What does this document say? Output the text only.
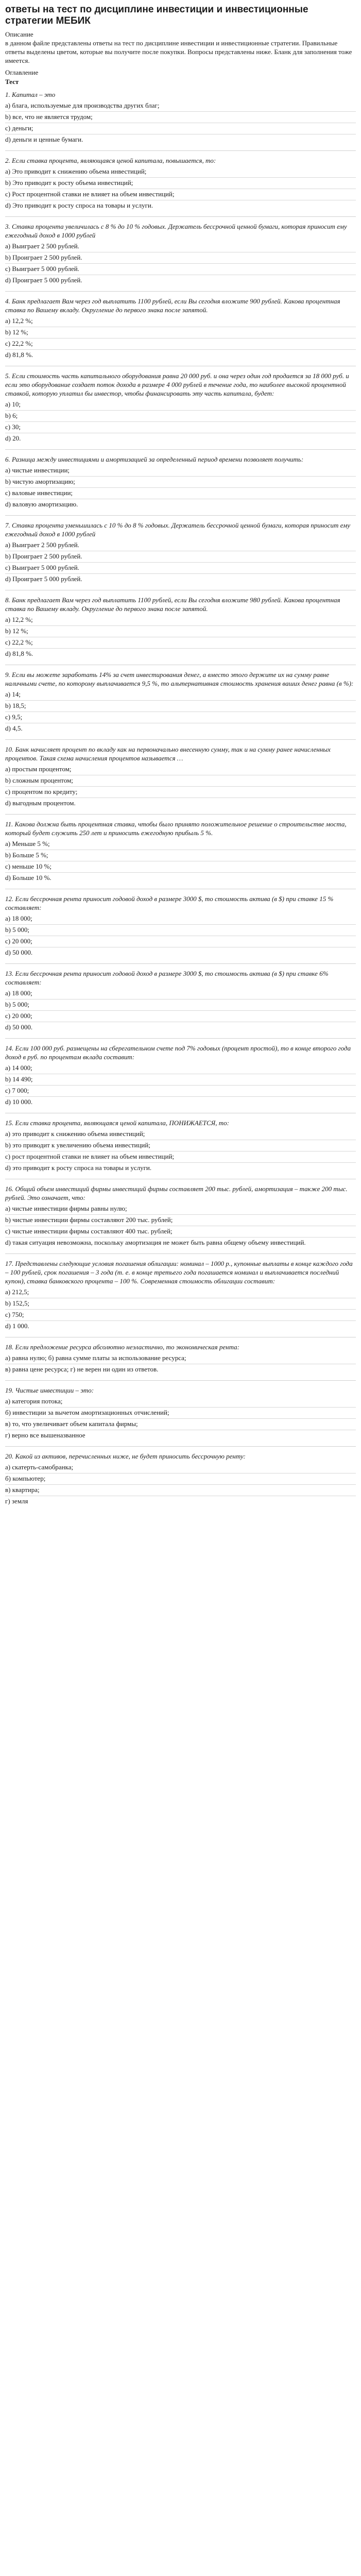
ответы на тест по дисциплине инвестиции и инвестиционные стратегии МЕБИК
Описание
в данном файле представлены ответы на тест по дисциплине инвестиции и инвестиционные стратегии. Правильные ответы выделены цветом, которые вы получите после покупки. Вопросы представлены ниже. Бланк для заполнения тоже имеется.
Оглавление
Тест
1. Капитал – это
а) блага, используемые для производства других благ;
b) все, что не является трудом;
c) деньги;
d) деньги и ценные бумаги.
2. Если ставка процента, являющаяся ценой капитала, повышается, то:
а) Это приводит к снижению объема инвестиций;
b) Это приводит к росту объема инвестиций;
c) Рост процентной ставки не влияет на объем инвестиций;
d) Это приводит к росту спроса на товары и услуги.
3. Ставка процента увеличилась с 8 % до 10 % годовых. Держатель бессрочной ценной бумаги, которая приносит ему ежегодный доход в 1000 рублей
а) Выиграет 2 500 рублей.
b) Проиграет 2 500 рублей.
c) Выиграет 5 000 рублей.
d) Проиграет 5 000 рублей.
4. Банк предлагает Вам через год выплатить 1100 рублей, если Вы сегодня вложите 900 рублей. Какова процентная ставка по Вашему вкладу. Округление до первого знака после запятой.
а) 12,2 %;
b) 12 %;
c) 22,2 %;
d) 81,8 %.
5. Если стоимость часть капитального оборудования равна 20 000 руб. и она через один год продается за 18 000 руб. и если это оборудование создает поток дохода в размере 4 000 рублей в течение года, то наиболее высокой процентной ставкой, которую уплатил бы инвестор, чтобы финансировать эту часть капитала, будет:
а) 10;
b) 6;
c) 30;
d) 20.
6. Разница между инвестициями и амортизацией за определенный период времени позволяет получить:
а) чистые инвестиции;
b) чистую амортизацию;
c) валовые инвестиции;
d) валовую амортизацию.
7. Ставка процента уменьшилась с 10 % до 8 % годовых. Держатель бессрочной ценной бумаги, которая приносит ему ежегодный доход в 1000 рублей
а) Выиграет 2 500 рублей.
b) Проиграет 2 500 рублей.
c) Выиграет 5 000 рублей.
d) Проиграет 5 000 рублей.
8. Банк предлагает Вам через год выплатить 1100 рублей, если Вы сегодня вложите 980 рублей. Какова процентная ставка по Вашему вкладу. Округление до первого знака после запятой.
а) 12,2 %;
b) 12 %;
c) 22,2 %;
d) 81,8 %.
9. Если вы можете заработать 14% за счет инвестирования денег, а вместо этого держите их на сумму равне наличными счете, по которому выплачивается 9,5 %, то альтернативная стоимость хранения ваших денег равна (в %):
а) 14;
b) 18,5;
c) 9,5;
d) 4,5.
10. Банк начисляет процент по вкладу как на первоначально внесенную сумму, так и на сумму ранее начисленных процентов. Такая схема начисления процентов называется …
а) простым процентом;
b) сложным процентом;
c) процентом по кредиту;
d) выгодным процентом.
11. Какова должна быть процентная ставка, чтобы было принято положительное решение о строительстве моста, который будет служить 250 лет и приносить ежегодную прибыль 5 %.
а) Меньше 5 %;
b) Больше 5 %;
c) меньше 10 %;
d) Больше 10 %.
12. Если бессрочная рента приносит годовой доход в размере 3000 $, то стоимость актива (в $) при ставке 15 % составляет:
а) 18 000;
b) 5 000;
c) 20 000;
d) 50 000.
13. Если бессрочная рента приносит годовой доход в размере 3000 $, то стоимость актива (в $) при ставке 6% составляет:
а) 18 000;
b) 5 000;
c) 20 000;
d) 50 000.
14. Если 100 000 руб. размещены на сберегательном счете под 7% годовых (процент простой), то в конце второго года доход в руб. по процентам вклада составит:
а) 14 000;
b) 14 490;
c) 7 000;
d) 10 000.
15. Если ставка процента, являющаяся ценой капитала, ПОНИЖАЕТСЯ, то:
а) это приводит к снижению объема инвестиций;
b) это приводит к увеличению объема инвестиций;
c) рост процентной ставки не влияет на объем инвестиций;
d) это приводит к росту спроса на товары и услуги.
16. Общий объем инвестиций фирмы инвестиций фирмы составляет 200 тыс. рублей, амортизация – также 200 тыс. рублей. Это означает, что:
а) чистые инвестиции фирмы равны нулю;
b) чистые инвестиции фирмы составляют 200 тыс. рублей;
c) чистые инвестиции фирмы составляют 400 тыс. рублей;
d) такая ситуация невозможна, поскольку амортизация не может быть равна общему объему инвестиций.
17. Представлены следующие условия погашения облигации: номинал – 1000 р., купонные выплаты в конце каждого года – 100 рублей, срок погашения – 3 года (т. е. в конце третьего года погашается номинал и выплачивается последний купон), ставка банковского процента – 100 %. Современная стоимость облигации составит:
а) 212,5;
b) 152,5;
c) 750;
d) 1 000.
18. Если предложение ресурса абсолютно неэластично, то экономическая рента:
а) равна нулю; б) равна сумме платы за использование ресурса;
в) равна цене ресурса; г) не верен ни один из ответов.
19. Чистые инвестиции – это:
а) категория потока;
б) инвестиции за вычетом амортизационных отчислений;
в) то, что увеличивает объем капитала фирмы;
г) верно все вышеназванное
20. Какой из активов, перечисленных ниже, не будет приносить бессрочную ренту:
а) скатерть-самобранка;
б) компьютер;
в) квартира;
г) земля
